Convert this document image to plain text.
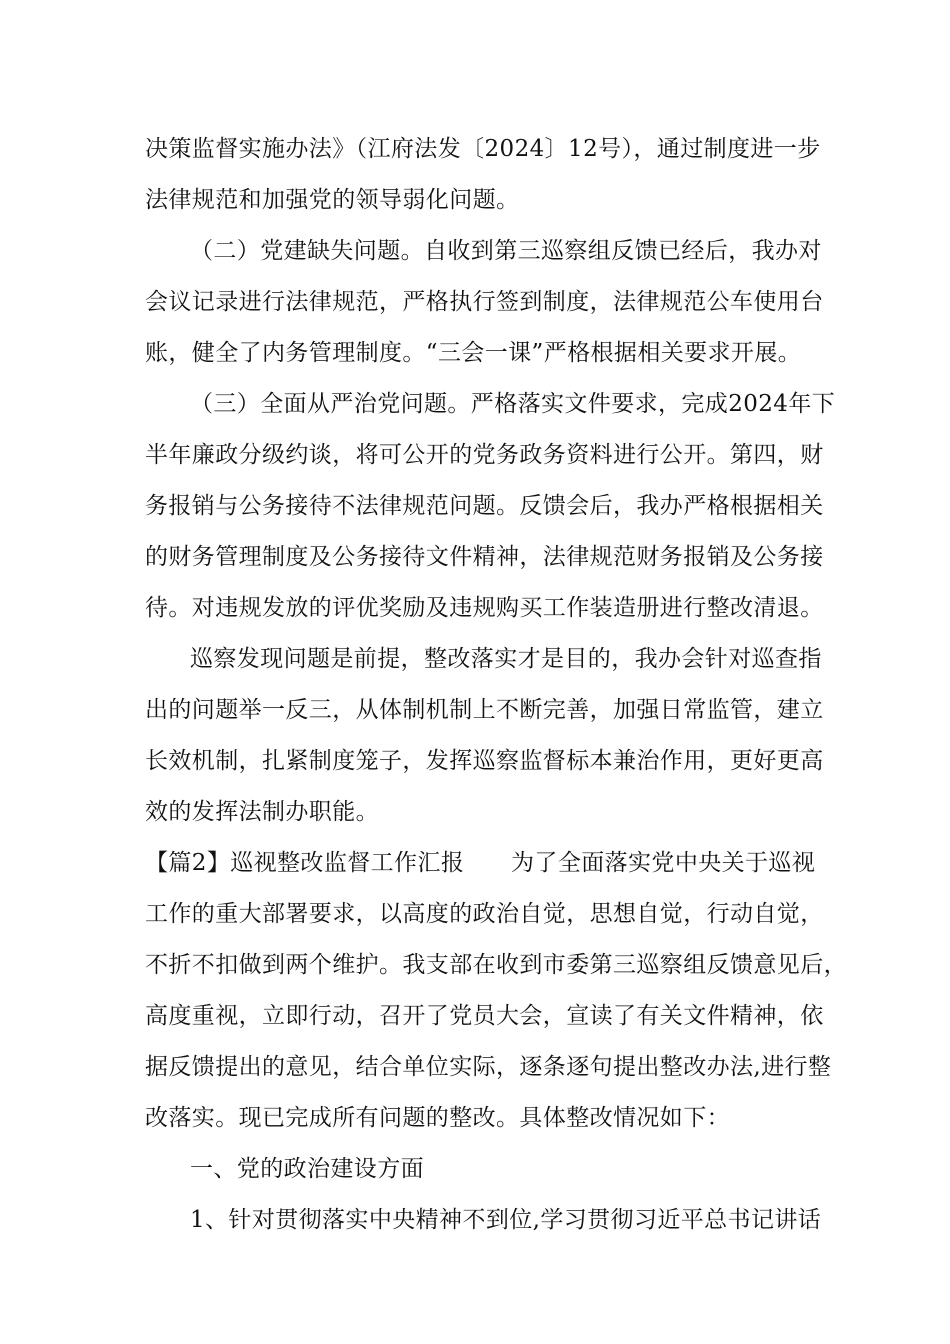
决策监督实施办法》（江府法发〔2024〕12号），通过制度进一步
法律规范和加强党的领导弱化问题。
（二）党建缺失问题。自收到第三巡察组反馈已经后，我办对
会议记录进行法律规范，严格执行签到制度，法律规范公车使用台
账，健全了内务管理制度。“三会一课”严格根据相关要求开展。
（三）全面从严治党问题。严格落实文件要求，完成2024年下
半年廉政分级约谈，将可公开的党务政务资料进行公开。第四，财
务报销与公务接待不法律规范问题。反馈会后，我办严格根据相关
的财务管理制度及公务接待文件精神，法律规范财务报销及公务接
待。对违规发放的评优奖励及违规购买工作装造册进行整改清退。
巡察发现问题是前提，整改落实才是目的，我办会针对巡查指
出的问题举一反三，从体制机制上不断完善，加强日常监管，建立
长效机制，扎紧制度笼子，发挥巡察监督标本兼治作用，更好更高
效的发挥法制办职能。
【篇2】巡视整改监督工作汇报　　为了全面落实党中央关于巡视
工作的重大部署要求，以高度的政治自觉，思想自觉，行动自觉，
不折不扣做到两个维护。我支部在收到市委第三巡察组反馈意见后，
高度重视，立即行动，召开了党员大会，宣读了有关文件精神，依
据反馈提出的意见，结合单位实际，逐条逐句提出整改办法,进行整
改落实。现已完成所有问题的整改。具体整改情况如下：
一、党的政治建设方面
1、针对贯彻落实中央精神不到位,学习贯彻习近平总书记讲话
